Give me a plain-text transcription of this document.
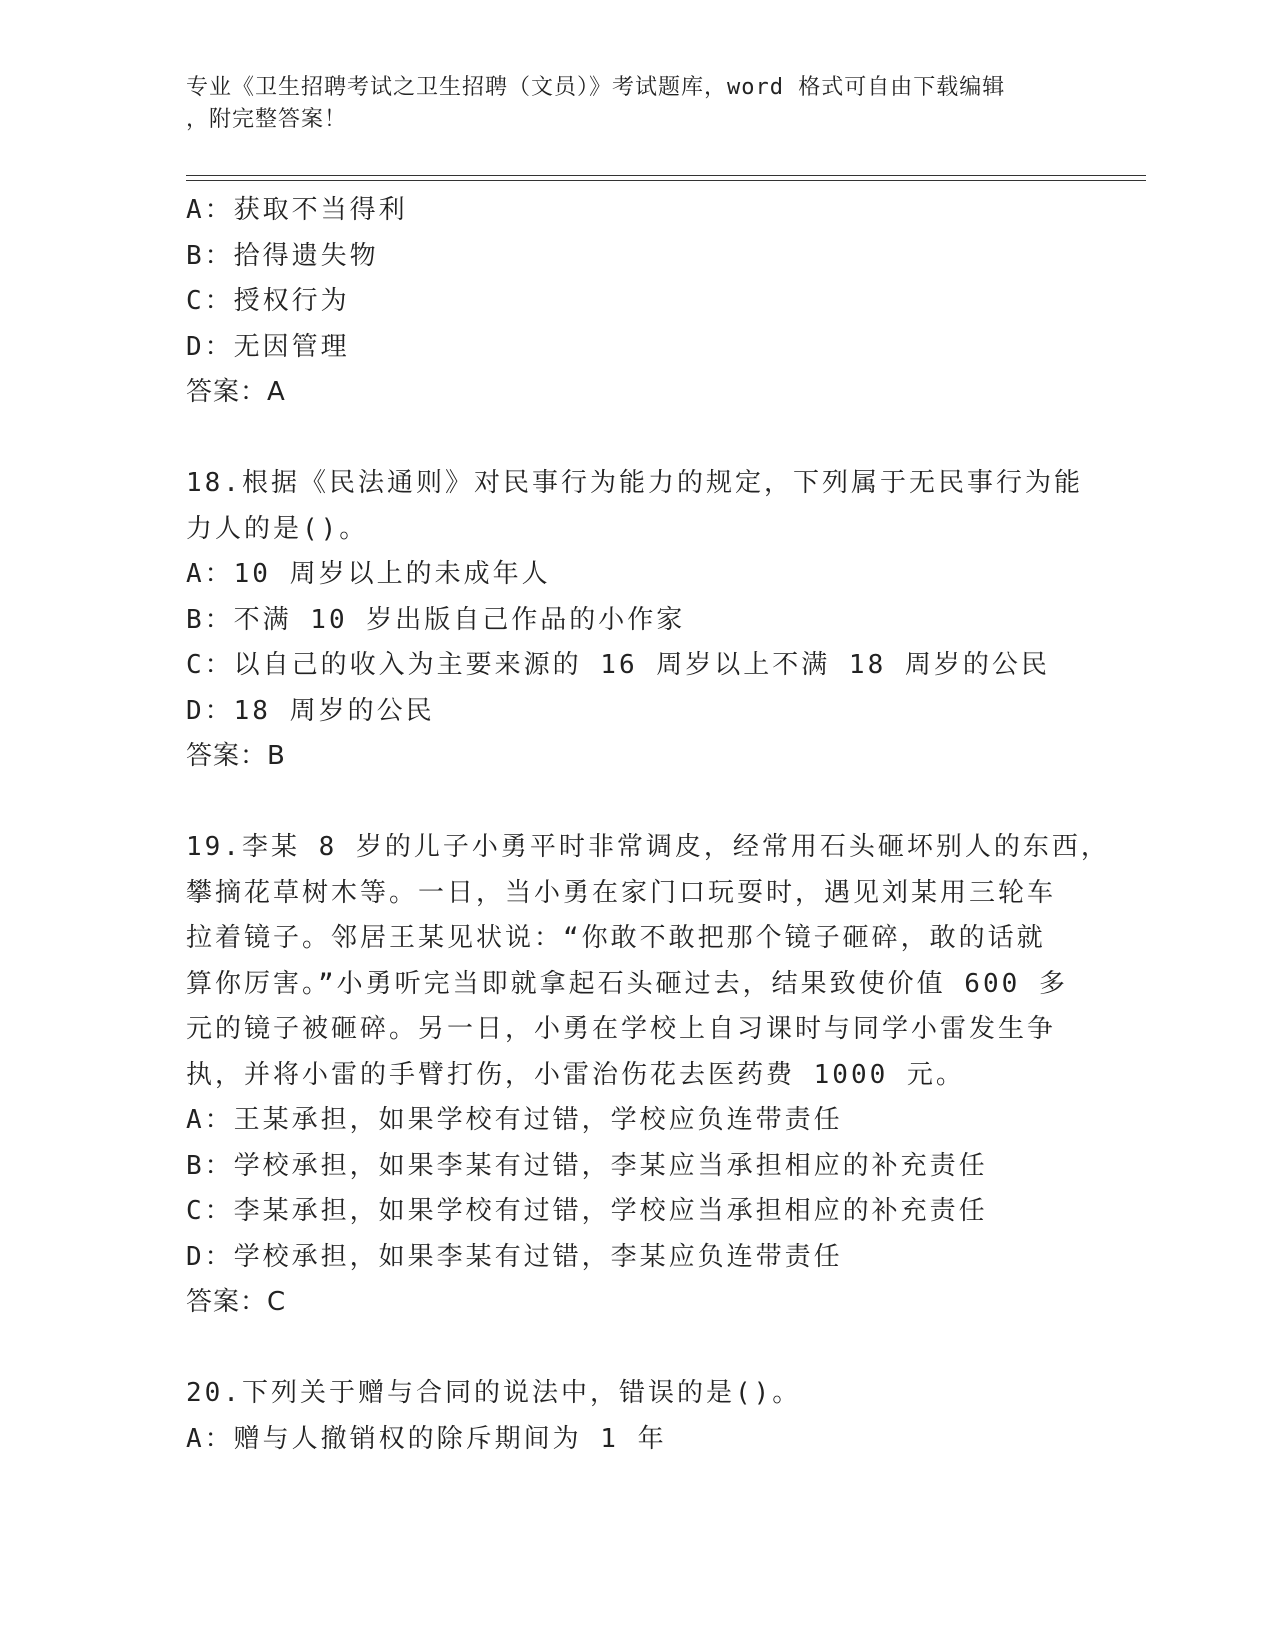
专业《卫生招聘考试之卫生招聘（文员）》考试题库，word 格式可自由下载编辑
，附完整答案！
A：获取不当得利
B：拾得遗失物
C：授权行为
D：无因管理
答案：A
18.根据《民法通则》对民事行为能力的规定，下列属于无民事行为能
力人的是()。
A：10 周岁以上的未成年人
B：不满 10 岁出版自己作品的小作家
C：以自己的收入为主要来源的 16 周岁以上不满 18 周岁的公民
D：18 周岁的公民
答案：B
19.李某 8 岁的儿子小勇平时非常调皮，经常用石头砸坏别人的东西，
攀摘花草树木等。一日，当小勇在家门口玩耍时，遇见刘某用三轮车
拉着镜子。邻居王某见状说：“你敢不敢把那个镜子砸碎，敢的话就
算你厉害。”小勇听完当即就拿起石头砸过去，结果致使价值 600 多
元的镜子被砸碎。另一日，小勇在学校上自习课时与同学小雷发生争
执，并将小雷的手臂打伤，小雷治伤花去医药费 1000 元。
A：王某承担，如果学校有过错，学校应负连带责任
B：学校承担，如果李某有过错，李某应当承担相应的补充责任
C：李某承担，如果学校有过错，学校应当承担相应的补充责任
D：学校承担，如果李某有过错，李某应负连带责任
答案：C
20.下列关于赠与合同的说法中，错误的是()。
A：赠与人撤销权的除斥期间为 1 年
